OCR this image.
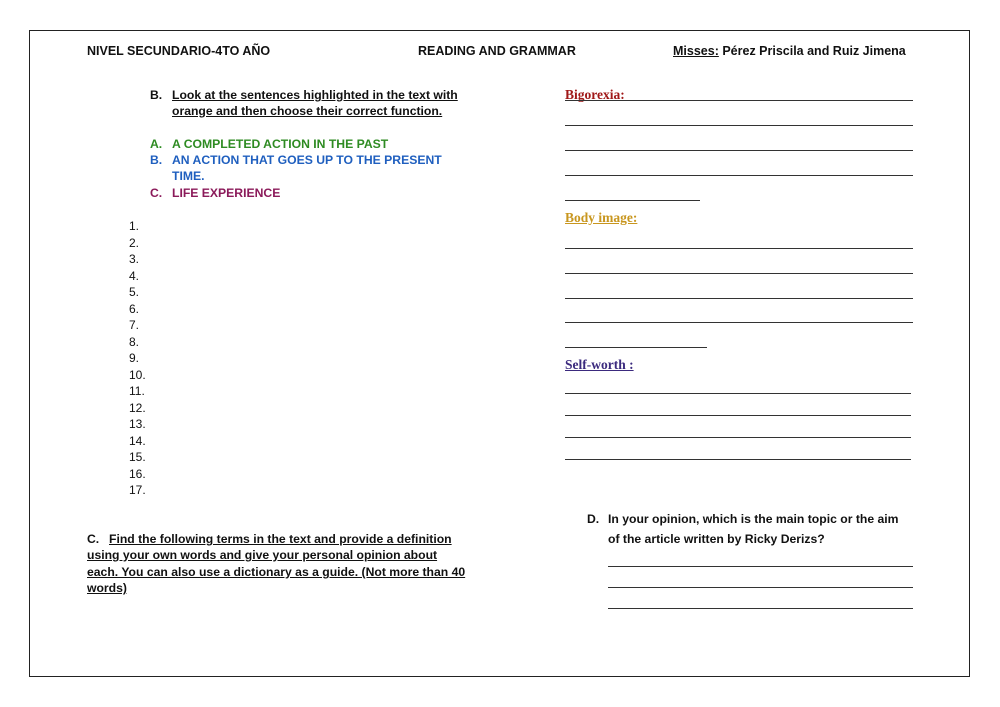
NIVEL SECUNDARIO-4TO AÑO	READING AND GRAMMAR	Misses: Pérez Priscila and Ruiz Jimena
B. Look at the sentences highlighted in the text with
orange and then choose their correct function.
A. A COMPLETED ACTION IN THE PAST
B. AN ACTION THAT GOES UP TO THE PRESENT
TIME.
C. LIFE EXPERIENCE
1.
2.
3.
4.
5.
6.
7.
8.
9.
10.
11.
12.
13.
14.
15.
16.
17.
C. Find the following terms in the text and provide a definition
using your own words and give your personal opinion about
each. You can also use a dictionary as a guide. (Not more than 40
words)
Bigorexia:
Body image:
Self-worth :
D. In your opinion, which is the main topic or the aim
of the article written by Ricky Derizs?
